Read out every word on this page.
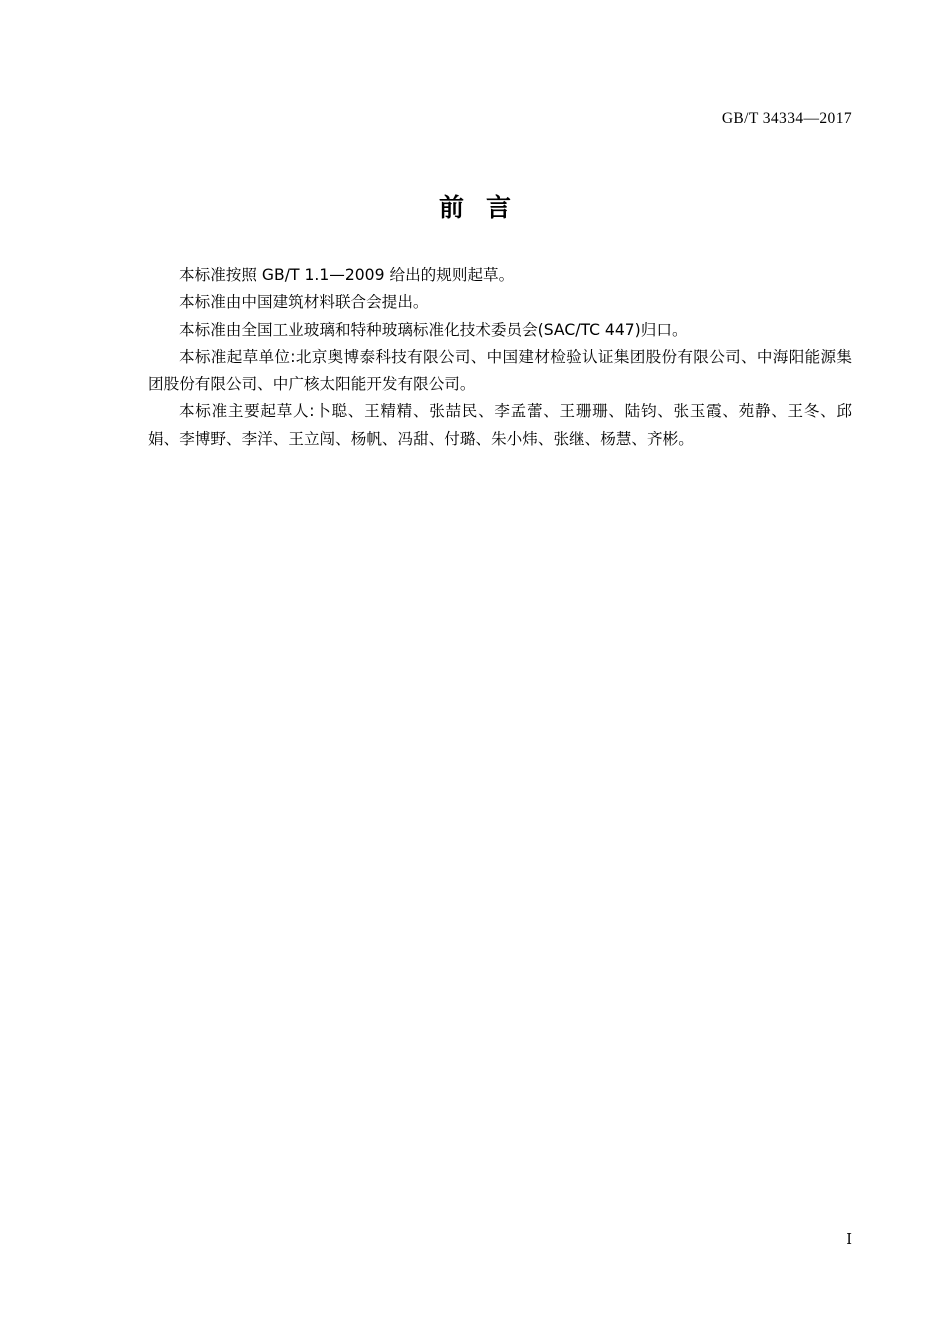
GB/T 34334—2017
前言

本标准按照 GB/T 1.1—2009 给出的规则起草。

本标准由中国建筑材料联合会提出。

本标准由全国工业玻璃和特种玻璃标准化技术委员会(SAC/TC 447)归口。

本标准起草单位:北京奥博泰科技有限公司、中国建材检验认证集团股份有限公司、中海阳能源集团股份有限公司、中广核太阳能开发有限公司。

本标准主要起草人:卜聪、王精精、张喆民、李孟蕾、王珊珊、陆钧、张玉霞、苑静、王冬、邱娟、李博野、李洋、王立闯、杨帆、冯甜、付璐、朱小炜、张继、杨慧、齐彬。

Ⅰ
